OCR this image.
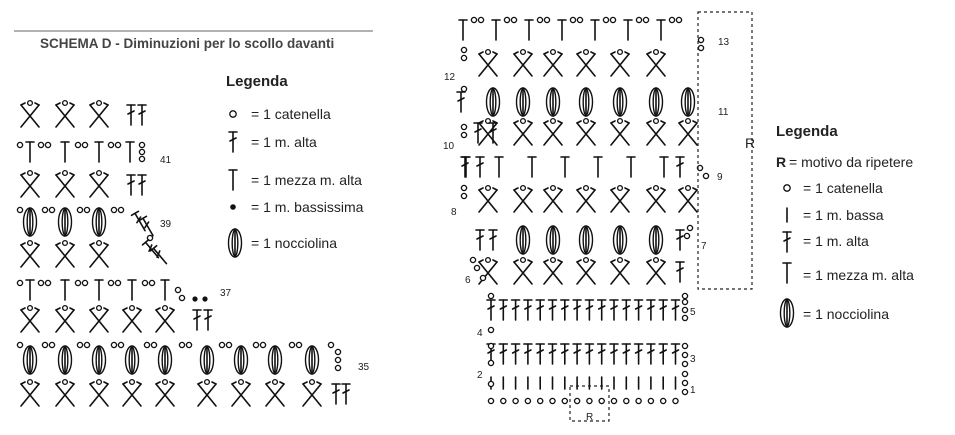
SCHEMA D - Diminuzioni per lo scollo davanti
41
39
37
35
Legenda
= 1 catenella
= 1 m. alta
= 1 mezza m. alta
= 1 m. bassissima
= 1 nocciolina
R
R
1
2
3
4
5
6
7
8
9
10
11
12
13
Legenda
R = motivo da ripetere
= 1 catenella
= 1 m. bassa
= 1 m. alta
= 1 mezza m. alta
= 1 nocciolina
